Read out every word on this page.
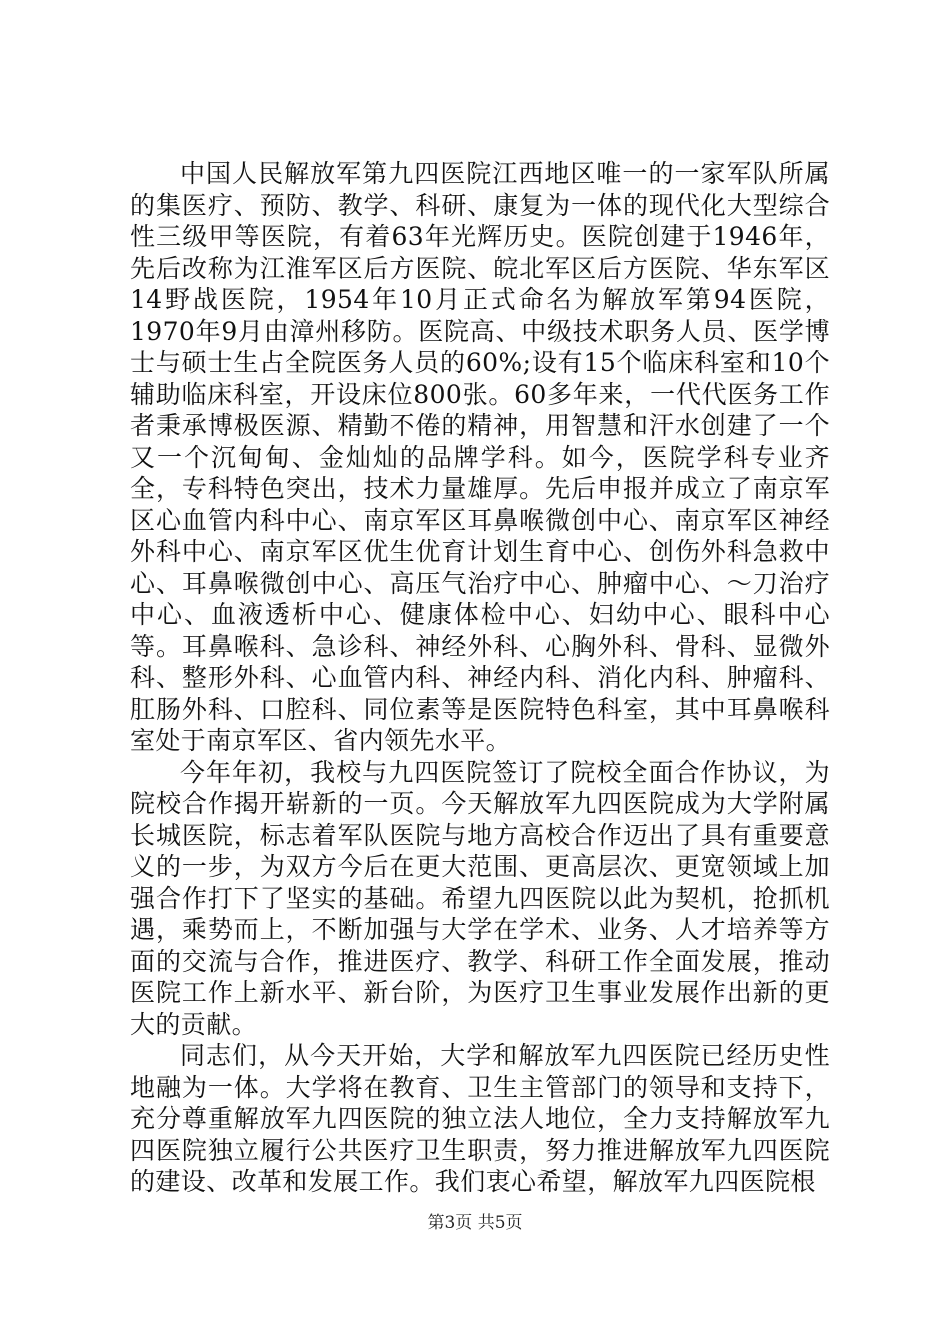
中国人民解放军第九四医院江西地区唯一的一家军队所属的集医疗、预防、教学、科研、康复为一体的现代化大型综合性三级甲等医院，有着63年光辉历史。医院创建于1946年，先后改称为江淮军区后方医院、皖北军区后方医院、华东军区14野战医院，1954年10月正式命名为解放军第94医院，1970年9月由漳州移防。医院高、中级技术职务人员、医学博士与硕士生占全院医务人员的60%;设有15个临床科室和10个辅助临床科室，开设床位800张。60多年来，一代代医务工作者秉承博极医源、精勤不倦的精神，用智慧和汗水创建了一个又一个沉甸甸、金灿灿的品牌学科。如今，医院学科专业齐全，专科特色突出，技术力量雄厚。先后申报并成立了南京军区心血管内科中心、南京军区耳鼻喉微创中心、南京军区神经外科中心、南京军区优生优育计划生育中心、创伤外科急救中心、耳鼻喉微创中心、高压气治疗中心、肿瘤中心、～刀治疗中心、血液透析中心、健康体检中心、妇幼中心、眼科中心等。耳鼻喉科、急诊科、神经外科、心胸外科、骨科、显微外科、整形外科、心血管内科、神经内科、消化内科、肿瘤科、肛肠外科、口腔科、同位素等是医院特色科室，其中耳鼻喉科室处于南京军区、省内领先水平。

今年年初，我校与九四医院签订了院校全面合作协议，为院校合作揭开崭新的一页。今天解放军九四医院成为大学附属长城医院，标志着军队医院与地方高校合作迈出了具有重要意义的一步，为双方今后在更大范围、更高层次、更宽领域上加强合作打下了坚实的基础。希望九四医院以此为契机，抢抓机遇，乘势而上，不断加强与大学在学术、业务、人才培养等方面的交流与合作，推进医疗、教学、科研工作全面发展，推动医院工作上新水平、新台阶，为医疗卫生事业发展作出新的更大的贡献。

同志们，从今天开始，大学和解放军九四医院已经历史性地融为一体。大学将在教育、卫生主管部门的领导和支持下，充分尊重解放军九四医院的独立法人地位，全力支持解放军九四医院独立履行公共医疗卫生职责，努力推进解放军九四医院的建设、改革和发展工作。我们衷心希望，解放军九四医院根

第3页 共5页
